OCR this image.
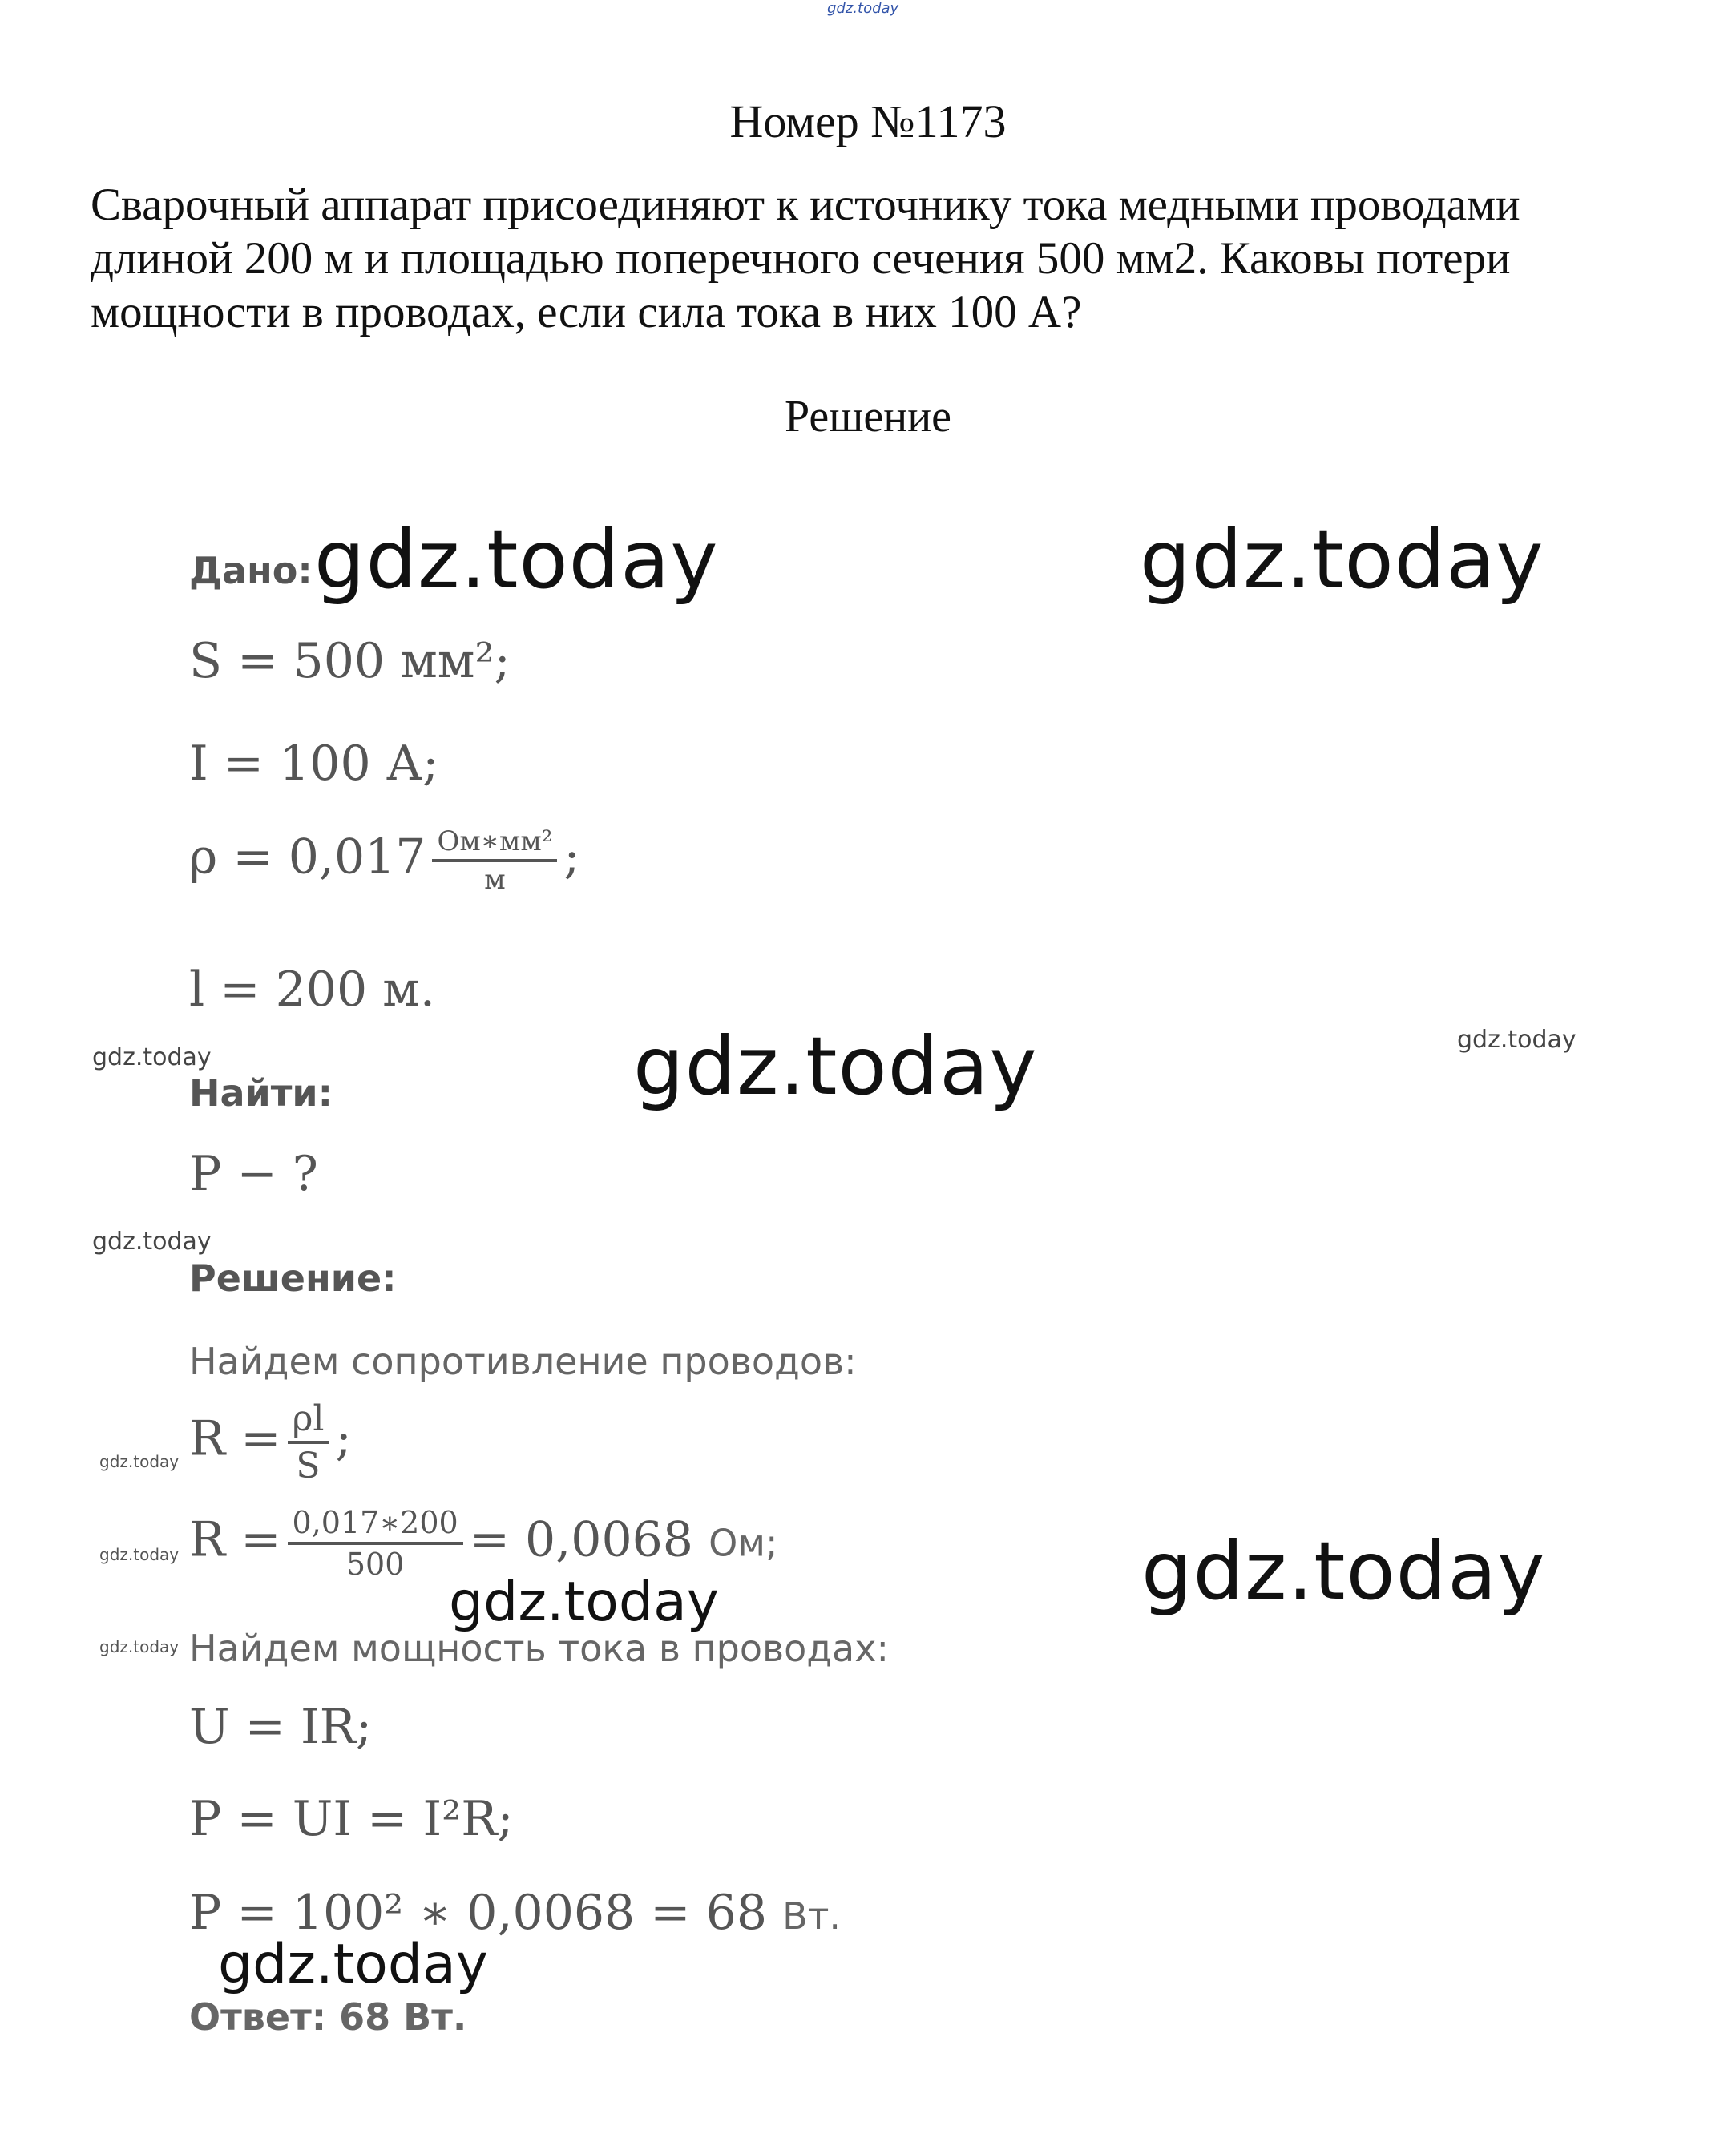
Номер №1173

Сварочный аппарат присоединяют к источнику тока медными проводами длиной 200 м и площадью поперечного сечения 500 мм2. Каковы потери мощности в проводах, если сила тока в них 100 А?

Решение
Дано:
S = 500 мм²;
I = 100 А;
$\rho = 0,017 \frac{\text{Ом∗мм²}}{м}$ ;
l = 200 м.
Найти:
P − ?
Решение:
Найдем сопротивление проводов:
$R = \frac{\rho l}{S}$ ;
$R = \frac{0,017∗200}{500} = 0,0068$ Ом;
Найдем мощность тока в проводах:
U = IR;
P = UI = I²R;
P = 100² ∗ 0,0068 = 68 Вт.
Ответ: 68 Вт.
gdz.today
gdz.today	gdz.today
gdz.today
gdz.today
gdz.today
gdz.today
gdz.today
gdz.today
gdz.today
gdz.today
gdz.today
gdz.today
